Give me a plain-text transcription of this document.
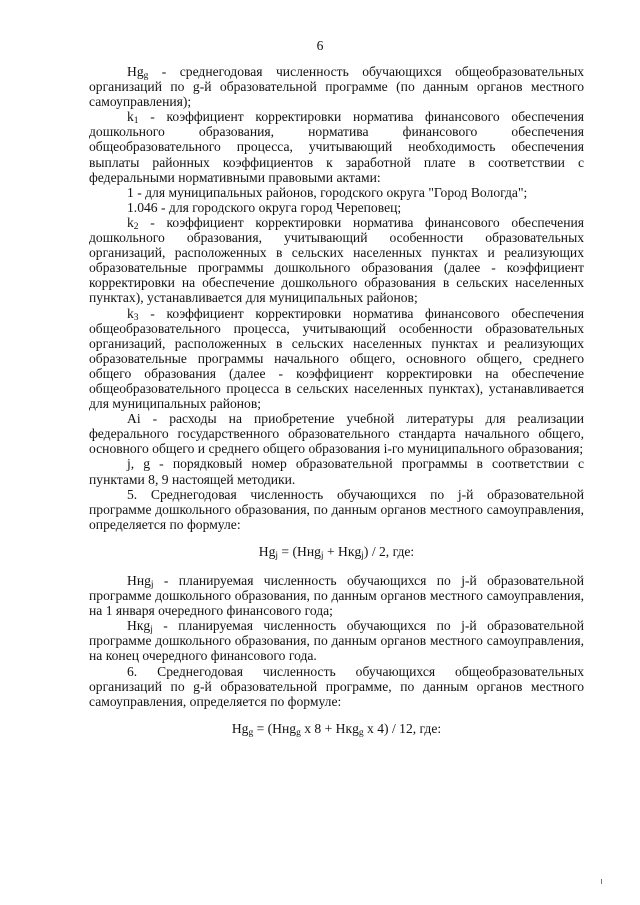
6

$Hg_g$ - среднегодовая численность обучающихся общеобразовательных организаций по g-й образовательной программе (по данным органов местного самоуправления);

$k_1$ - коэффициент корректировки норматива финансового обеспечения дошкольного образования, норматива финансового обеспечения общеобразовательного процесса, учитывающий необходимость обеспечения выплаты районных коэффициентов к заработной плате в соответствии с федеральными нормативными правовыми актами:

1 - для муниципальных районов, городского округа "Город Вологда";

1.046 - для городского округа город Череповец;

$k_2$ - коэффициент корректировки норматива финансового обеспечения дошкольного образования, учитывающий особенности образовательных организаций, расположенных в сельских населенных пунктах и реализующих образовательные программы дошкольного образования (далее - коэффициент корректировки на обеспечение дошкольного образования в сельских населенных пунктах), устанавливается для муниципальных районов;

$k_3$ - коэффициент корректировки норматива финансового обеспечения общеобразовательного процесса, учитывающий особенности образовательных организаций, расположенных в сельских населенных пунктах и реализующих образовательные программы начального общего, основного общего, среднего общего образования (далее - коэффициент корректировки на обеспечение общеобразовательного процесса в сельских населенных пунктах), устанавливается для муниципальных районов;

Ai - расходы на приобретение учебной литературы для реализации федерального государственного образовательного стандарта начального общего, основного общего и среднего общего образования i-го муниципального образования;

j, g - порядковый номер образовательной программы в соответствии с пунктами 8, 9 настоящей методики.

5. Среднегодовая численность обучающихся по j-й образовательной программе дошкольного образования, по данным органов местного самоуправления, определяется по формуле:

$Hg_j = (Hнg_j + Hкg_j) / 2$, где:

Hнg$_j$ - планируемая численность обучающихся по j-й образовательной программе дошкольного образования, по данным органов местного самоуправления, на 1 января очередного финансового года;

Hкg$_j$ - планируемая численность обучающихся по j-й образовательной программе дошкольного образования, по данным органов местного самоуправления, на конец очередного финансового года.

6. Среднегодовая численность обучающихся общеобразовательных организаций по g-й образовательной программе, по данным органов местного самоуправления, определяется по формуле:

$Hg_g = (Hнg_g$ x 8 + Hкg$_g$ x 4) / 12, где:
